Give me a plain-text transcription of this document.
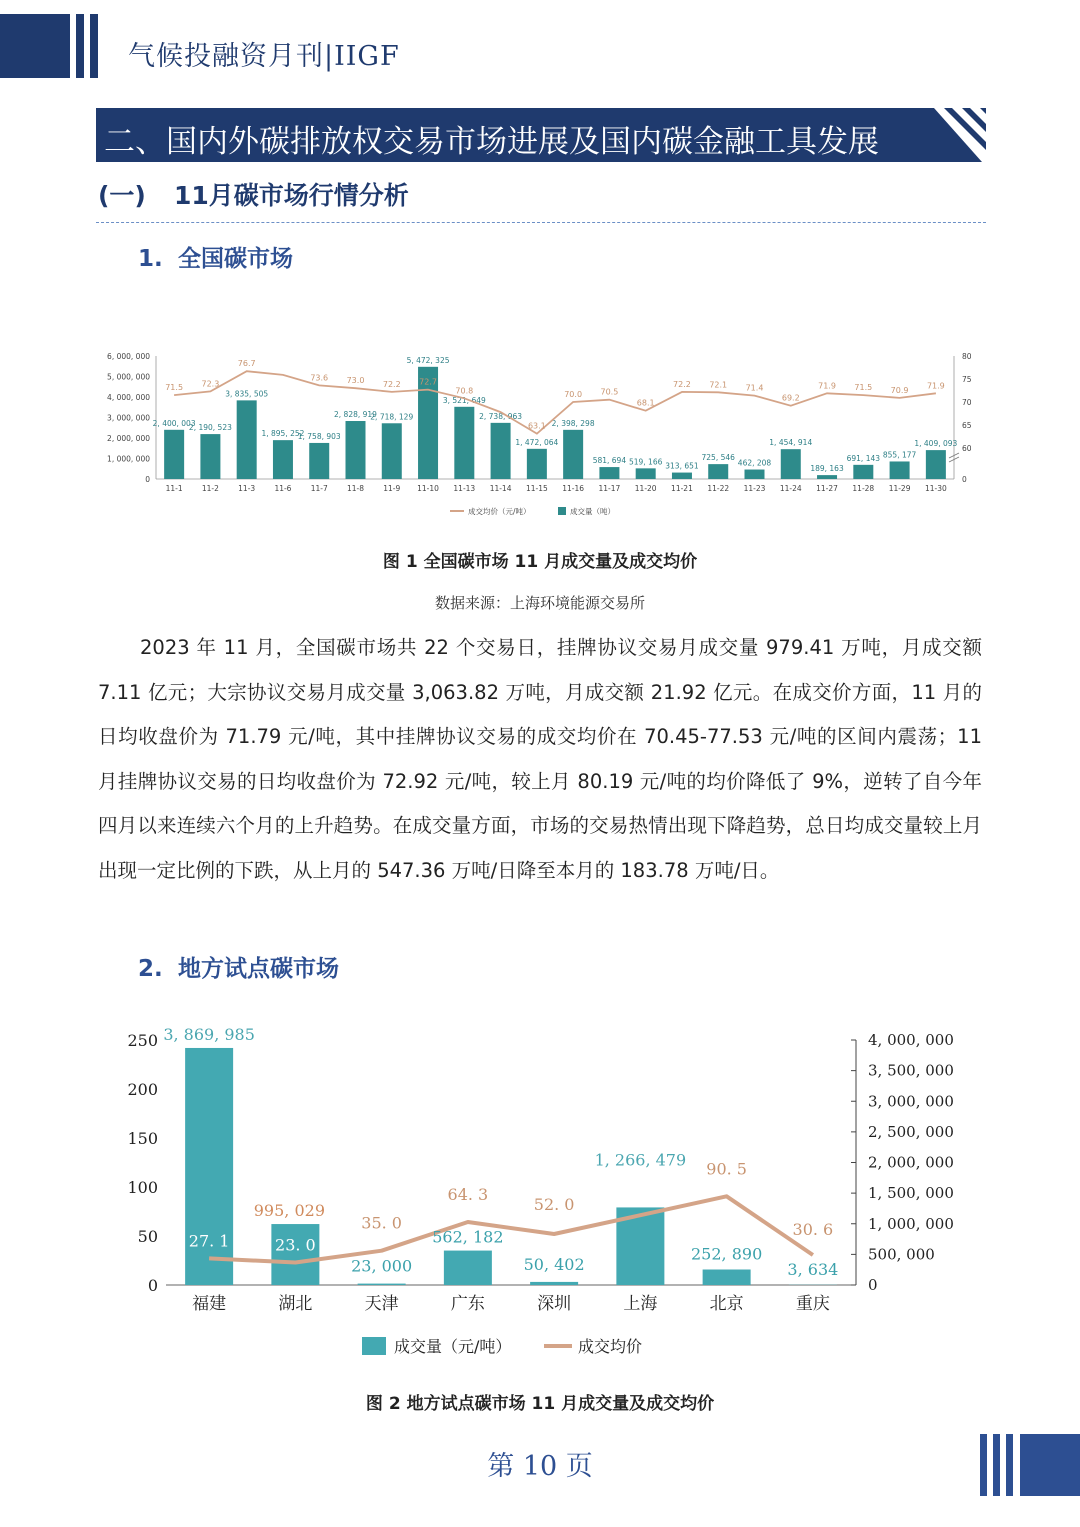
气候投融资月刊|IIGF
二、国内外碳排放权交易市场进展及国内碳金融工具发展
(一) 11月碳市场行情分析
1. 全国碳市场
0
1, 000, 000
2, 000, 000
3, 000, 000
4, 000, 000
5, 000, 000
6, 000, 000
0
60
65
70
75
80
2, 400, 003
11-1
2, 190, 523
11-2
3, 835, 505
11-3
1, 895, 252
11-6
1, 758, 903
11-7
2, 828, 919
11-8
2, 718, 129
11-9
5, 472, 325
11-10
3, 521, 649
11-13
2, 738, 963
11-14
1, 472, 064
11-15
2, 398, 298
11-16
581, 694
11-17
519, 166
11-20
313, 651
11-21
725, 546
11-22
462, 208
11-23
1, 454, 914
11-24
189, 163
11-27
691, 143
11-28
855, 177
11-29
1, 409, 093
11-30
71.5 72.3
76.7
73.6 73.0 72.2 72.7
70.8
63.1
70.0 70.5
68.1
72.2 72.1 71.4
69.2
71.9 71.5 70.9
71.9
成交均价（元/吨）	成交量（吨）
图 1 全国碳市场 11 月成交量及成交均价
数据来源：上海环境能源交易所

2023 年 11 月，全国碳市场共 22 个交易日，挂牌协议交易月成交量 979.41 万吨，月成交额 7.11 亿元；大宗协议交易月成交量 3,063.82 万吨，月成交额 21.92 亿元。在成交价方面，11 月的日均收盘价为 71.79 元/吨，其中挂牌协议交易的成交均价在 70.45-77.53 元/吨的区间内震荡；11 月挂牌协议交易的日均收盘价为 72.92 元/吨，较上月 80.19 元/吨的均价降低了 9%，逆转了自今年四月以来连续六个月的上升趋势。在成交量方面，市场的交易热情出现下降趋势，总日均成交量较上月出现一定比例的下跌，从上月的 547.36 万吨/日降至本月的 183.78 万吨/日。

2. 地方试点碳市场
0
50
100
150
200
250
0
500, 000
1, 000, 000
1, 500, 000
2, 000, 000
2, 500, 000
3, 000, 000
3, 500, 000
4, 000, 000
福建	湖北	天津	广东	深圳	上海	北京	重庆
3, 869, 985
995, 029
23, 000
562, 182
50, 402
1, 266, 479
252, 890
3, 634
27. 1	23. 0
35. 0
64. 3
52. 0
71. 2
90. 5
30. 6
成交量（元/吨）	成交均价
图 2 地方试点碳市场 11 月成交量及成交均价
第 10 页
